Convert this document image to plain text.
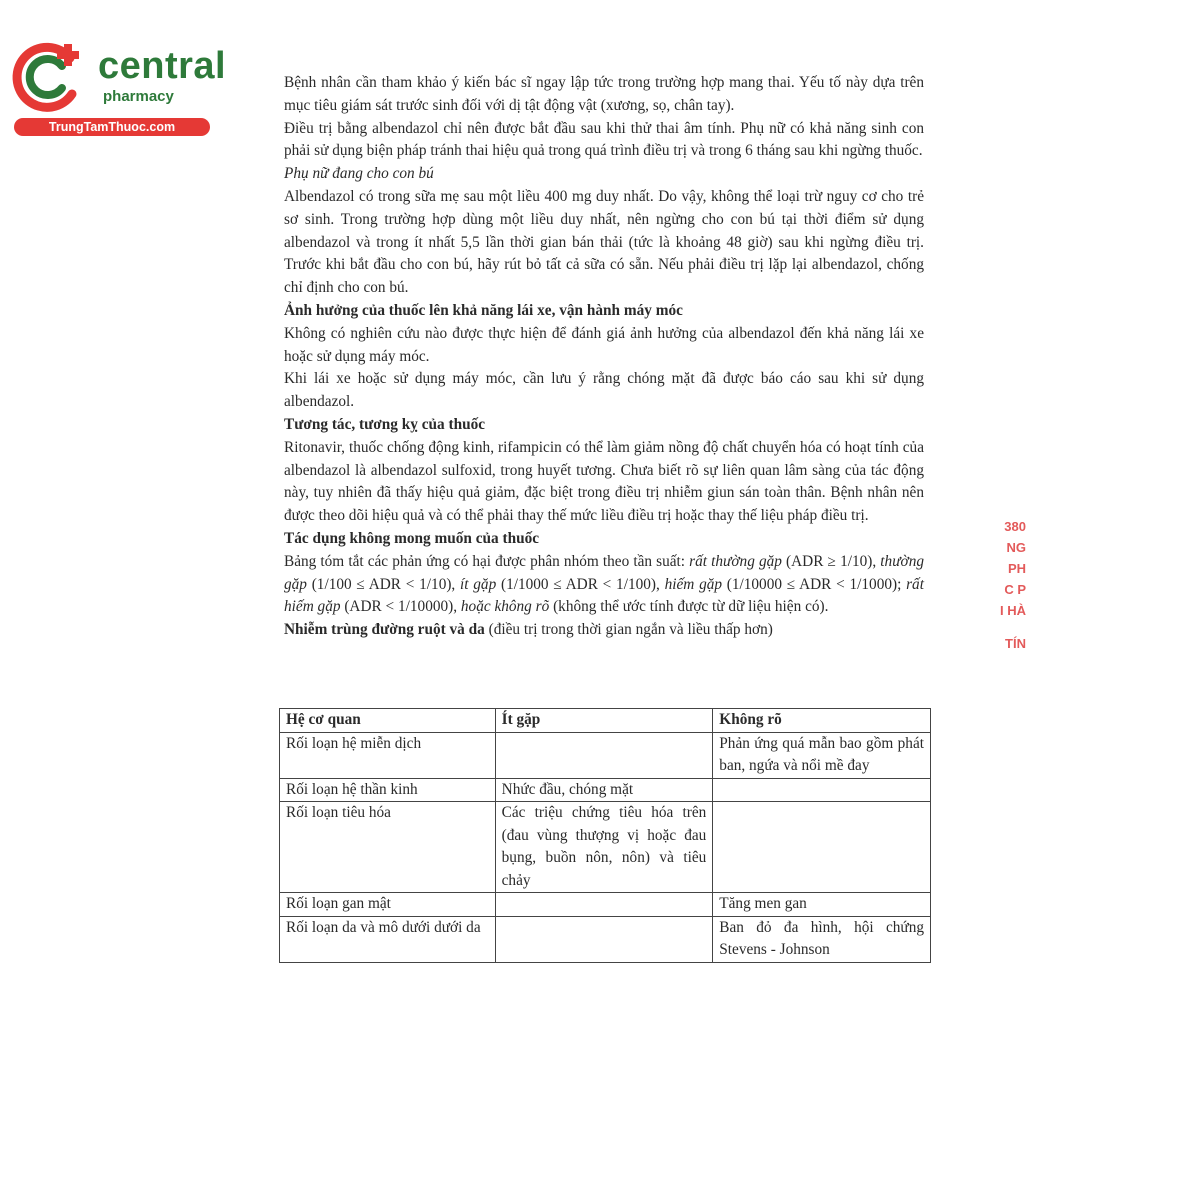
central
pharmacy
TrungTamThuoc.com

Bệnh nhân cần tham khảo ý kiến bác sĩ ngay lập tức trong trường hợp mang thai. Yếu tố này dựa trên mục tiêu giám sát trước sinh đối với dị tật động vật (xương, sọ, chân tay).

Điều trị bằng albendazol chỉ nên được bắt đầu sau khi thử thai âm tính. Phụ nữ có khả năng sinh con phải sử dụng biện pháp tránh thai hiệu quả trong quá trình điều trị và trong 6 tháng sau khi ngừng thuốc.

Phụ nữ đang cho con bú

Albendazol có trong sữa mẹ sau một liều 400 mg duy nhất. Do vậy, không thể loại trừ nguy cơ cho trẻ sơ sinh. Trong trường hợp dùng một liều duy nhất, nên ngừng cho con bú tại thời điểm sử dụng albendazol và trong ít nhất 5,5 lần thời gian bán thải (tức là khoảng 48 giờ) sau khi ngừng điều trị. Trước khi bắt đầu cho con bú, hãy rút bỏ tất cả sữa có sẵn. Nếu phải điều trị lặp lại albendazol, chống chỉ định cho con bú.

Ảnh hưởng của thuốc lên khả năng lái xe, vận hành máy móc

Không có nghiên cứu nào được thực hiện để đánh giá ảnh hưởng của albendazol đến khả năng lái xe hoặc sử dụng máy móc.

Khi lái xe hoặc sử dụng máy móc, cần lưu ý rằng chóng mặt đã được báo cáo sau khi sử dụng albendazol.

Tương tác, tương kỵ của thuốc

Ritonavir, thuốc chống động kinh, rifampicin có thể làm giảm nồng độ chất chuyển hóa có hoạt tính của albendazol là albendazol sulfoxid, trong huyết tương. Chưa biết rõ sự liên quan lâm sàng của tác động này, tuy nhiên đã thấy hiệu quả giảm, đặc biệt trong điều trị nhiễm giun sán toàn thân. Bệnh nhân nên được theo dõi hiệu quả và có thể phải thay thế mức liều điều trị hoặc thay thế liệu pháp điều trị.

Tác dụng không mong muốn của thuốc

Bảng tóm tắt các phản ứng có hại được phân nhóm theo tần suất: rất thường gặp (ADR ≥ 1/10), thường gặp (1/100 ≤ ADR < 1/10), ít gặp (1/1000 ≤ ADR < 1/100), hiếm gặp (1/10000 ≤ ADR < 1/1000); rất hiếm gặp (ADR < 1/10000), hoặc không rõ (không thể ước tính được từ dữ liệu hiện có).

Nhiễm trùng đường ruột và da (điều trị trong thời gian ngắn và liều thấp hơn)

Hệ cơ quan	Ít gặp	Không rõ
Rối loạn hệ miễn dịch		Phản ứng quá mẫn bao gồm phát ban, ngứa và nổi mề đay
Rối loạn hệ thần kinh	Nhức đầu, chóng mặt	
Rối loạn tiêu hóa	Các triệu chứng tiêu hóa trên (đau vùng thượng vị hoặc đau bụng, buồn nôn, nôn) và tiêu chảy	
Rối loạn gan mật		Tăng men gan
Rối loạn da và mô dưới dưới da		Ban đỏ đa hình, hội chứng Stevens - Johnson
380
NG
PH
C P
I HÀ
TÍN
